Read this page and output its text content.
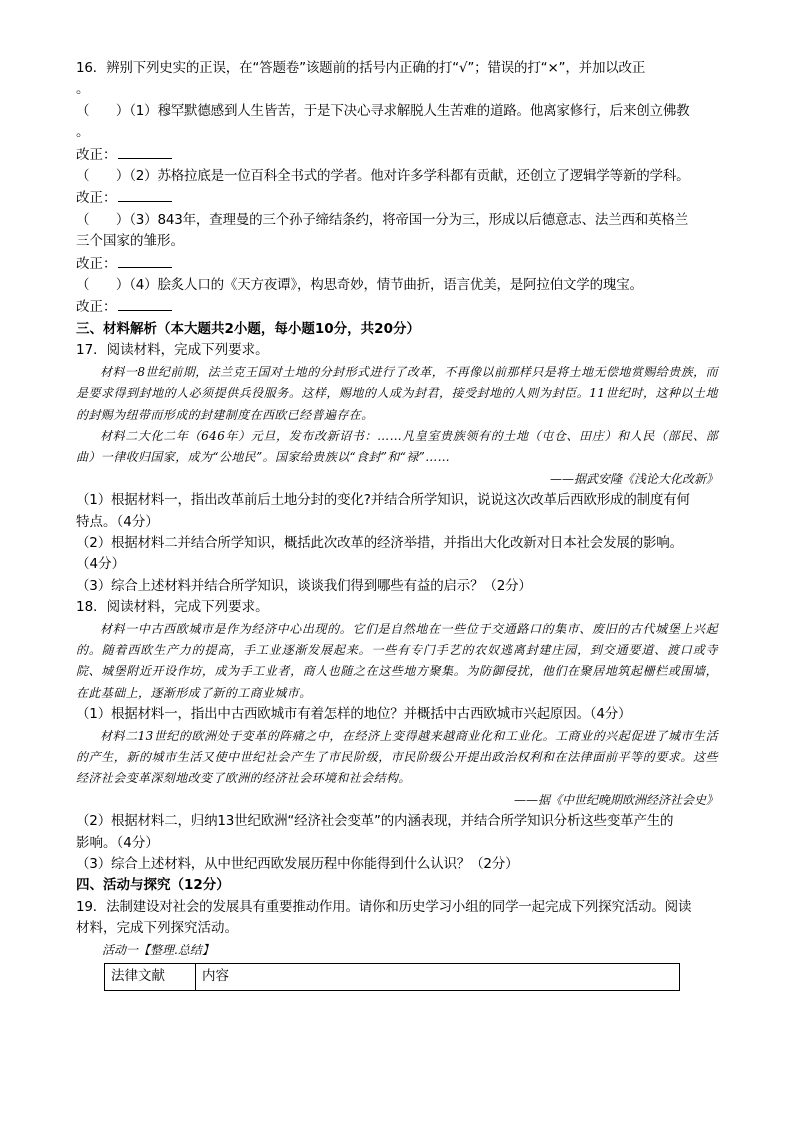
16．辨别下列史实的正误，在“答题卷”该题前的括号内正确的打“√”；错误的打“×”，并加以改正
。
（　　）（1）穆罕默德感到人生皆苦，于是下决心寻求解脱人生苦难的道路。他离家修行，后来创立佛教
。
改正：
（　　）（2）苏格拉底是一位百科全书式的学者。他对许多学科都有贡献，还创立了逻辑学等新的学科。
改正：
（　　）（3）843年，查理曼的三个孙子缔结条约，将帝国一分为三，形成以后德意志、法兰西和英格兰
三个国家的雏形。
改正：
（　　）（4）脍炙人口的《天方夜谭》，构思奇妙，情节曲折，语言优美，是阿拉伯文学的瑰宝。
改正：
三、材料解析（本大题共2小题，每小题10分，共20分）
17．阅读材料，完成下列要求。
材料一8世纪前期，法兰克王国对土地的分封形式进行了改革，不再像以前那样只是将土地无偿地赏赐给贵族，而是要求得到封地的人必须提供兵役服务。这样，赐地的人成为封君，接受封地的人则为封臣。11世纪时，这种以土地的封赐为纽带而形成的封建制度在西欧已经普遍存在。
材料二大化二年（646年）元旦，发布改新诏书：……凡皇室贵族领有的土地（屯仓、田庄）和人民（部民、部曲）一律收归国家，成为“公地民”。国家给贵族以“食封”和“禄”……
——据武安隆《浅论大化改新》
（1）根据材料一，指出改革前后土地分封的变化?并结合所学知识，说说这次改革后西欧形成的制度有何
特点。（4分）
（2）根据材料二并结合所学知识，概括此次改革的经济举措，并指出大化改新对日本社会发展的影响。
（4分）
（3）综合上述材料并结合所学知识，谈谈我们得到哪些有益的启示？（2分）
18．阅读材料，完成下列要求。
材料一中古西欧城市是作为经济中心出现的。它们是自然地在一些位于交通路口的集市、废旧的古代城堡上兴起的。随着西欧生产力的提高，手工业逐渐发展起来。一些有专门手艺的农奴逃离封建庄园，到交通要道、渡口或寺院、城堡附近开设作坊，成为手工业者，商人也随之在这些地方聚集。为防御侵扰，他们在聚居地筑起栅栏或围墙，在此基础上，逐渐形成了新的工商业城市。
（1）根据材料一，指出中古西欧城市有着怎样的地位？并概括中古西欧城市兴起原因。（4分）
材料二13世纪的欧洲处于变革的阵痛之中，在经济上变得越来越商业化和工业化。工商业的兴起促进了城市生活的产生，新的城市生活又使中世纪社会产生了市民阶级，市民阶级公开提出政治权利和在法律面前平等的要求。这些经济社会变革深刻地改变了欧洲的经济社会环境和社会结构。
——据《中世纪晚期欧洲经济社会史》
（2）根据材料二，归纳13世纪欧洲“经济社会变革”的内涵表现，并结合所学知识分析这些变革产生的
影响。（4分）
（3）综合上述材料，从中世纪西欧发展历程中你能得到什么认识？（2分）
四、活动与探究（12分）
19．法制建设对社会的发展具有重要推动作用。请你和历史学习小组的同学一起完成下列探究活动。阅读
材料，完成下列探究活动。
活动一【整理.总结】
法律文献	内容
